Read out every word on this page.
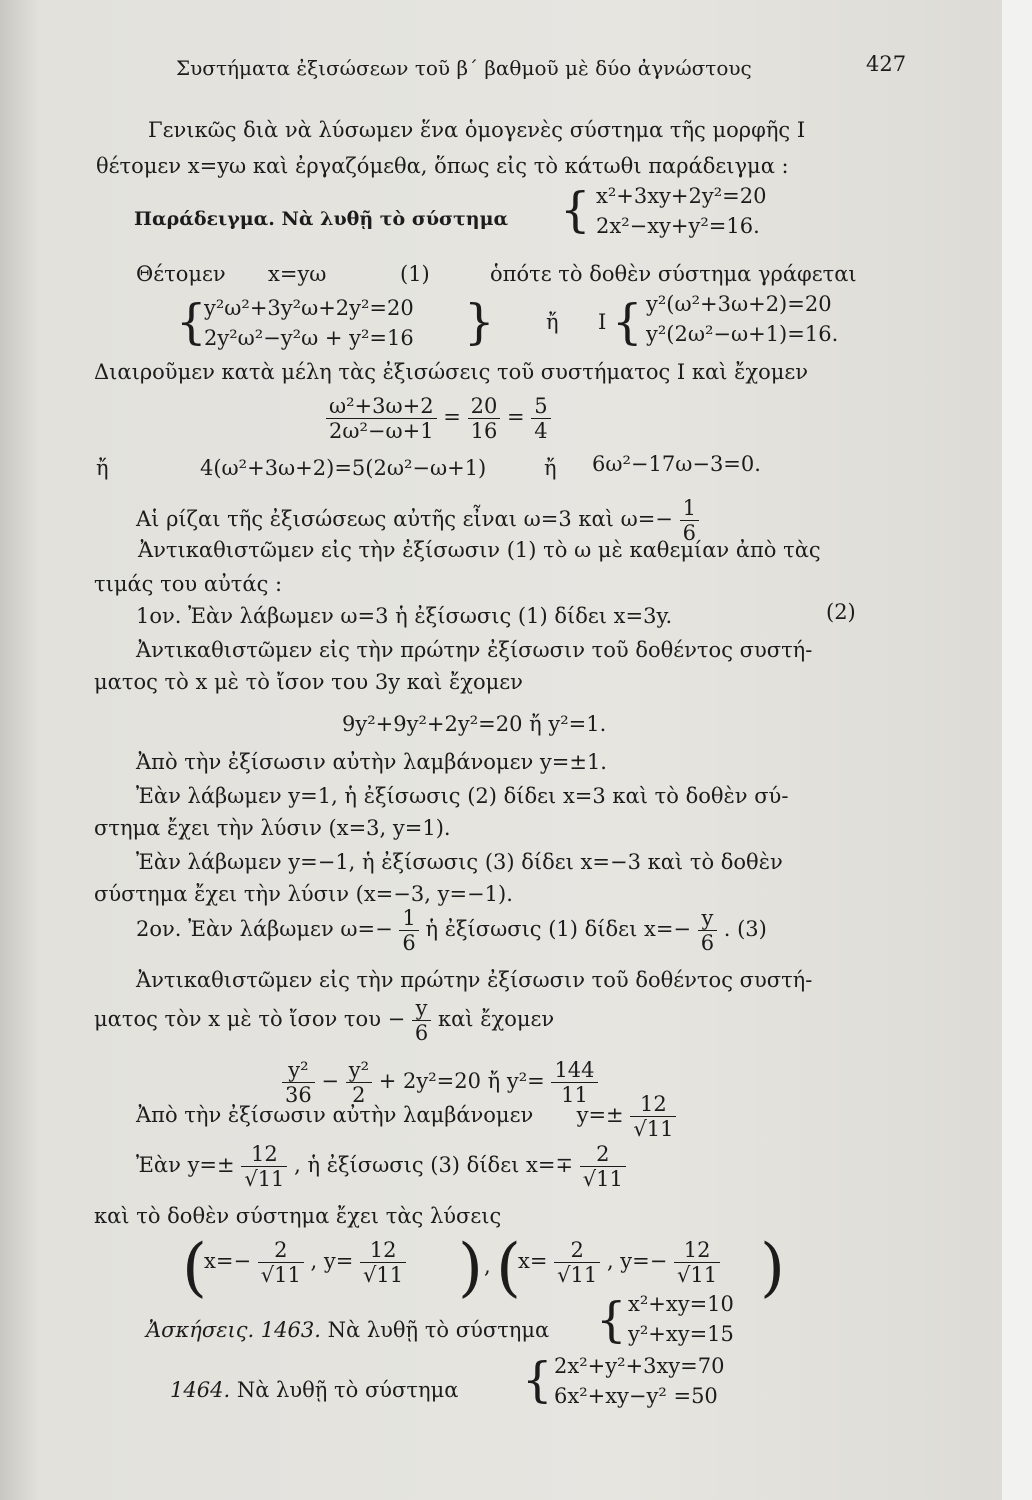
Συστήματα ἐξισώσεων τοῦ β΄ βαθμοῦ μὲ δύο ἀγνώστους	427
Γενικῶς διὰ νὰ λύσωμεν ἕνα ὁμογενὲς σύστημα τῆς μορφῆς I
θέτομεν x=yω καὶ ἐργαζόμεθα, ὅπως εἰς τὸ κάτωθι παράδειγμα :
Παράδειγμα. Νὰ λυθῇ τὸ σύστημα { x²+3xy+2y²=20
2x²−xy+y²=16.
Θέτομεν x=yω	(1)	ὁπότε τὸ δοθὲν σύστημα γράφεται
{
y²ω²+3y²ω+2y²=20
2y²ω²−y²ω + y²=16 } ἤ I { y²(ω²+3ω+2)=20
y²(2ω²−ω+1)=16.
Διαιροῦμεν κατὰ μέλη τὰς ἐξισώσεις τοῦ συστήματος I καὶ ἔχομεν
$\frac{\text{ω²+3ω+2}}{\text{2ω²−ω+1}} = \frac{20}{16} = \frac{5}{4}$
ἤ	4(ω²+3ω+2)=5(2ω²−ω+1)	ἤ 6ω²−17ω−3=0.
Αἱ ρίζαι τῆς ἐξισώσεως αὐτῆς εἶναι ω=3 καὶ $\omega=- \frac{1}{6}$
Ἀντικαθιστῶμεν εἰς τὴν ἐξίσωσιν (1) τὸ ω μὲ καθεμίαν ἀπὸ τὰς
τιμάς του αὐτάς :
1ον. Ἐὰν λάβωμεν ω=3 ἡ ἐξίσωσις (1) δίδει x=3y.	(2)
Ἀντικαθιστῶμεν εἰς τὴν πρώτην ἐξίσωσιν τοῦ δοθέντος συστή-
ματος τὸ x μὲ τὸ ἴσον του 3y καὶ ἔχομεν
9y²+9y²+2y²=20 ἤ y²=1.
Ἀπὸ τὴν ἐξίσωσιν αὐτὴν λαμβάνομεν y=±1.
Ἐὰν λάβωμεν y=1, ἡ ἐξίσωσις (2) δίδει x=3 καὶ τὸ δοθὲν σύ-
στημα ἔχει τὴν λύσιν (x=3, y=1).
Ἐὰν λάβωμεν y=−1, ἡ ἐξίσωσις (3) δίδει x=−3 καὶ τὸ δοθὲν
σύστημα ἔχει τὴν λύσιν (x=−3, y=−1).
2ον. Ἐὰν λάβωμεν $\omega=- \frac{1}{6}$ ἡ ἐξίσωσις (1) δίδει $x=- \frac{y}{6}$ . (3)
Ἀντικαθιστῶμεν εἰς τὴν πρώτην ἐξίσωσιν τοῦ δοθέντος συστή-
ματος τὸν x μὲ τὸ ἴσον $\tau o\upsilon - \frac{y}{6}$ καὶ ἔχομεν
$\frac{\text{y²}}{36} - \frac{\text{y²}}{2} + 2y^2=20$ ἤ $y^2= \frac{144}{11}$
Ἀπὸ τὴν ἐξίσωσιν αὐτὴν λαμβάνομεν $y=\pm \frac{12}{√11}$
Ἐὰν $y=\pm \frac{12}{√11}$ , ἡ ἐξίσωσις (3) δίδει $x=\mp \frac{2}{√11}$
καὶ τὸ δοθὲν σύστημα ἔχει τὰς λύσεις
(
$x=- \frac{2}{√11}$ , $y= \frac{12}{√11}$ ) , (
$x= \frac{2}{√11}$ , $y=- \frac{12}{√11}$ )
Ἀσκήσεις. 1463. Νὰ λυθῇ τὸ σύστημα { x²+xy=10
y²+xy=15
1464. Νὰ λυθῇ τὸ σύστημα { 2x²+y²+3xy=70
6x²+xy−y² =50
